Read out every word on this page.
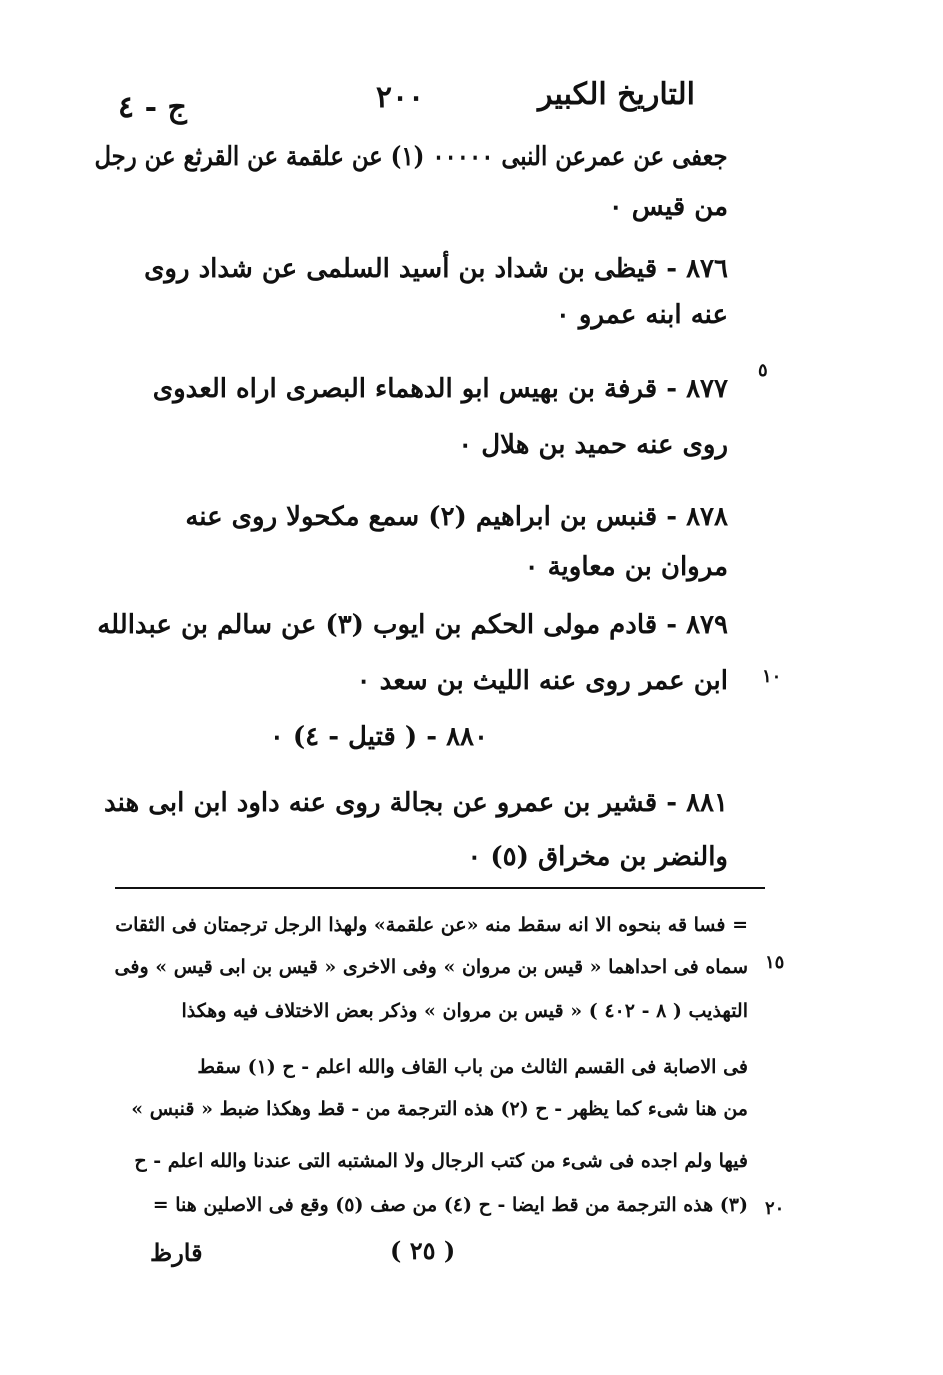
التاريخ الكبير
٢٠٠
ج - ٤
جعفى عن عمرعن النبى ٠٠٠٠٠ (١) عن علقمة عن القرثع عن رجل
من قيس ٠
٨٧٦ - قيظى بن شداد بن أسيد السلمى عن شداد روى
عنه ابنه عمرو ٠
٨٧٧ - قرفة بن بهيس ابو الدهماء البصرى اراه العدوى
روى عنه حميد بن هلال ٠
٨٧٨ - قنبس بن ابراهيم (٢) سمع مكحولا روى عنه
مروان بن معاوية ٠
٨٧٩ - قادم مولى الحكم بن ايوب (٣) عن سالم بن عبدالله
ابن عمر روى عنه الليث بن سعد ٠
٨٨٠ - ( قتيل - ٤) ٠
٨٨١ - قشير بن عمرو عن بجالة روى عنه داود ابن ابى هند
والنضر بن مخراق (٥) ٠
٥
١٠
١٥
٢٠
= فسا قه بنحوه الا انه سقط منه «عن علقمة» ولهذا الرجل ترجمتان فى الثقات
سماه فى احداهما « قيس بن مروان » وفى الاخرى « قيس بن ابى قيس » وفى
التهذيب ( ٨ - ٤٠٢ ) « قيس بن مروان » وذكر بعض الاختلاف فيه وهكذا
فى الاصابة فى القسم الثالث من باب القاف والله اعلم - ح (١) سقط
من هنا شىء كما يظهر - ح (٢) هذه الترجمة من - قط وهكذا ضبط « قنبس »
فيها ولم اجده فى شىء من كتب الرجال ولا المشتبه التى عندنا والله اعلم - ح
(٣) هذه الترجمة من قط ايضا - ح (٤) من صف (٥) وقع فى الاصلين هنا =
( ٢٥ )
قارظ
